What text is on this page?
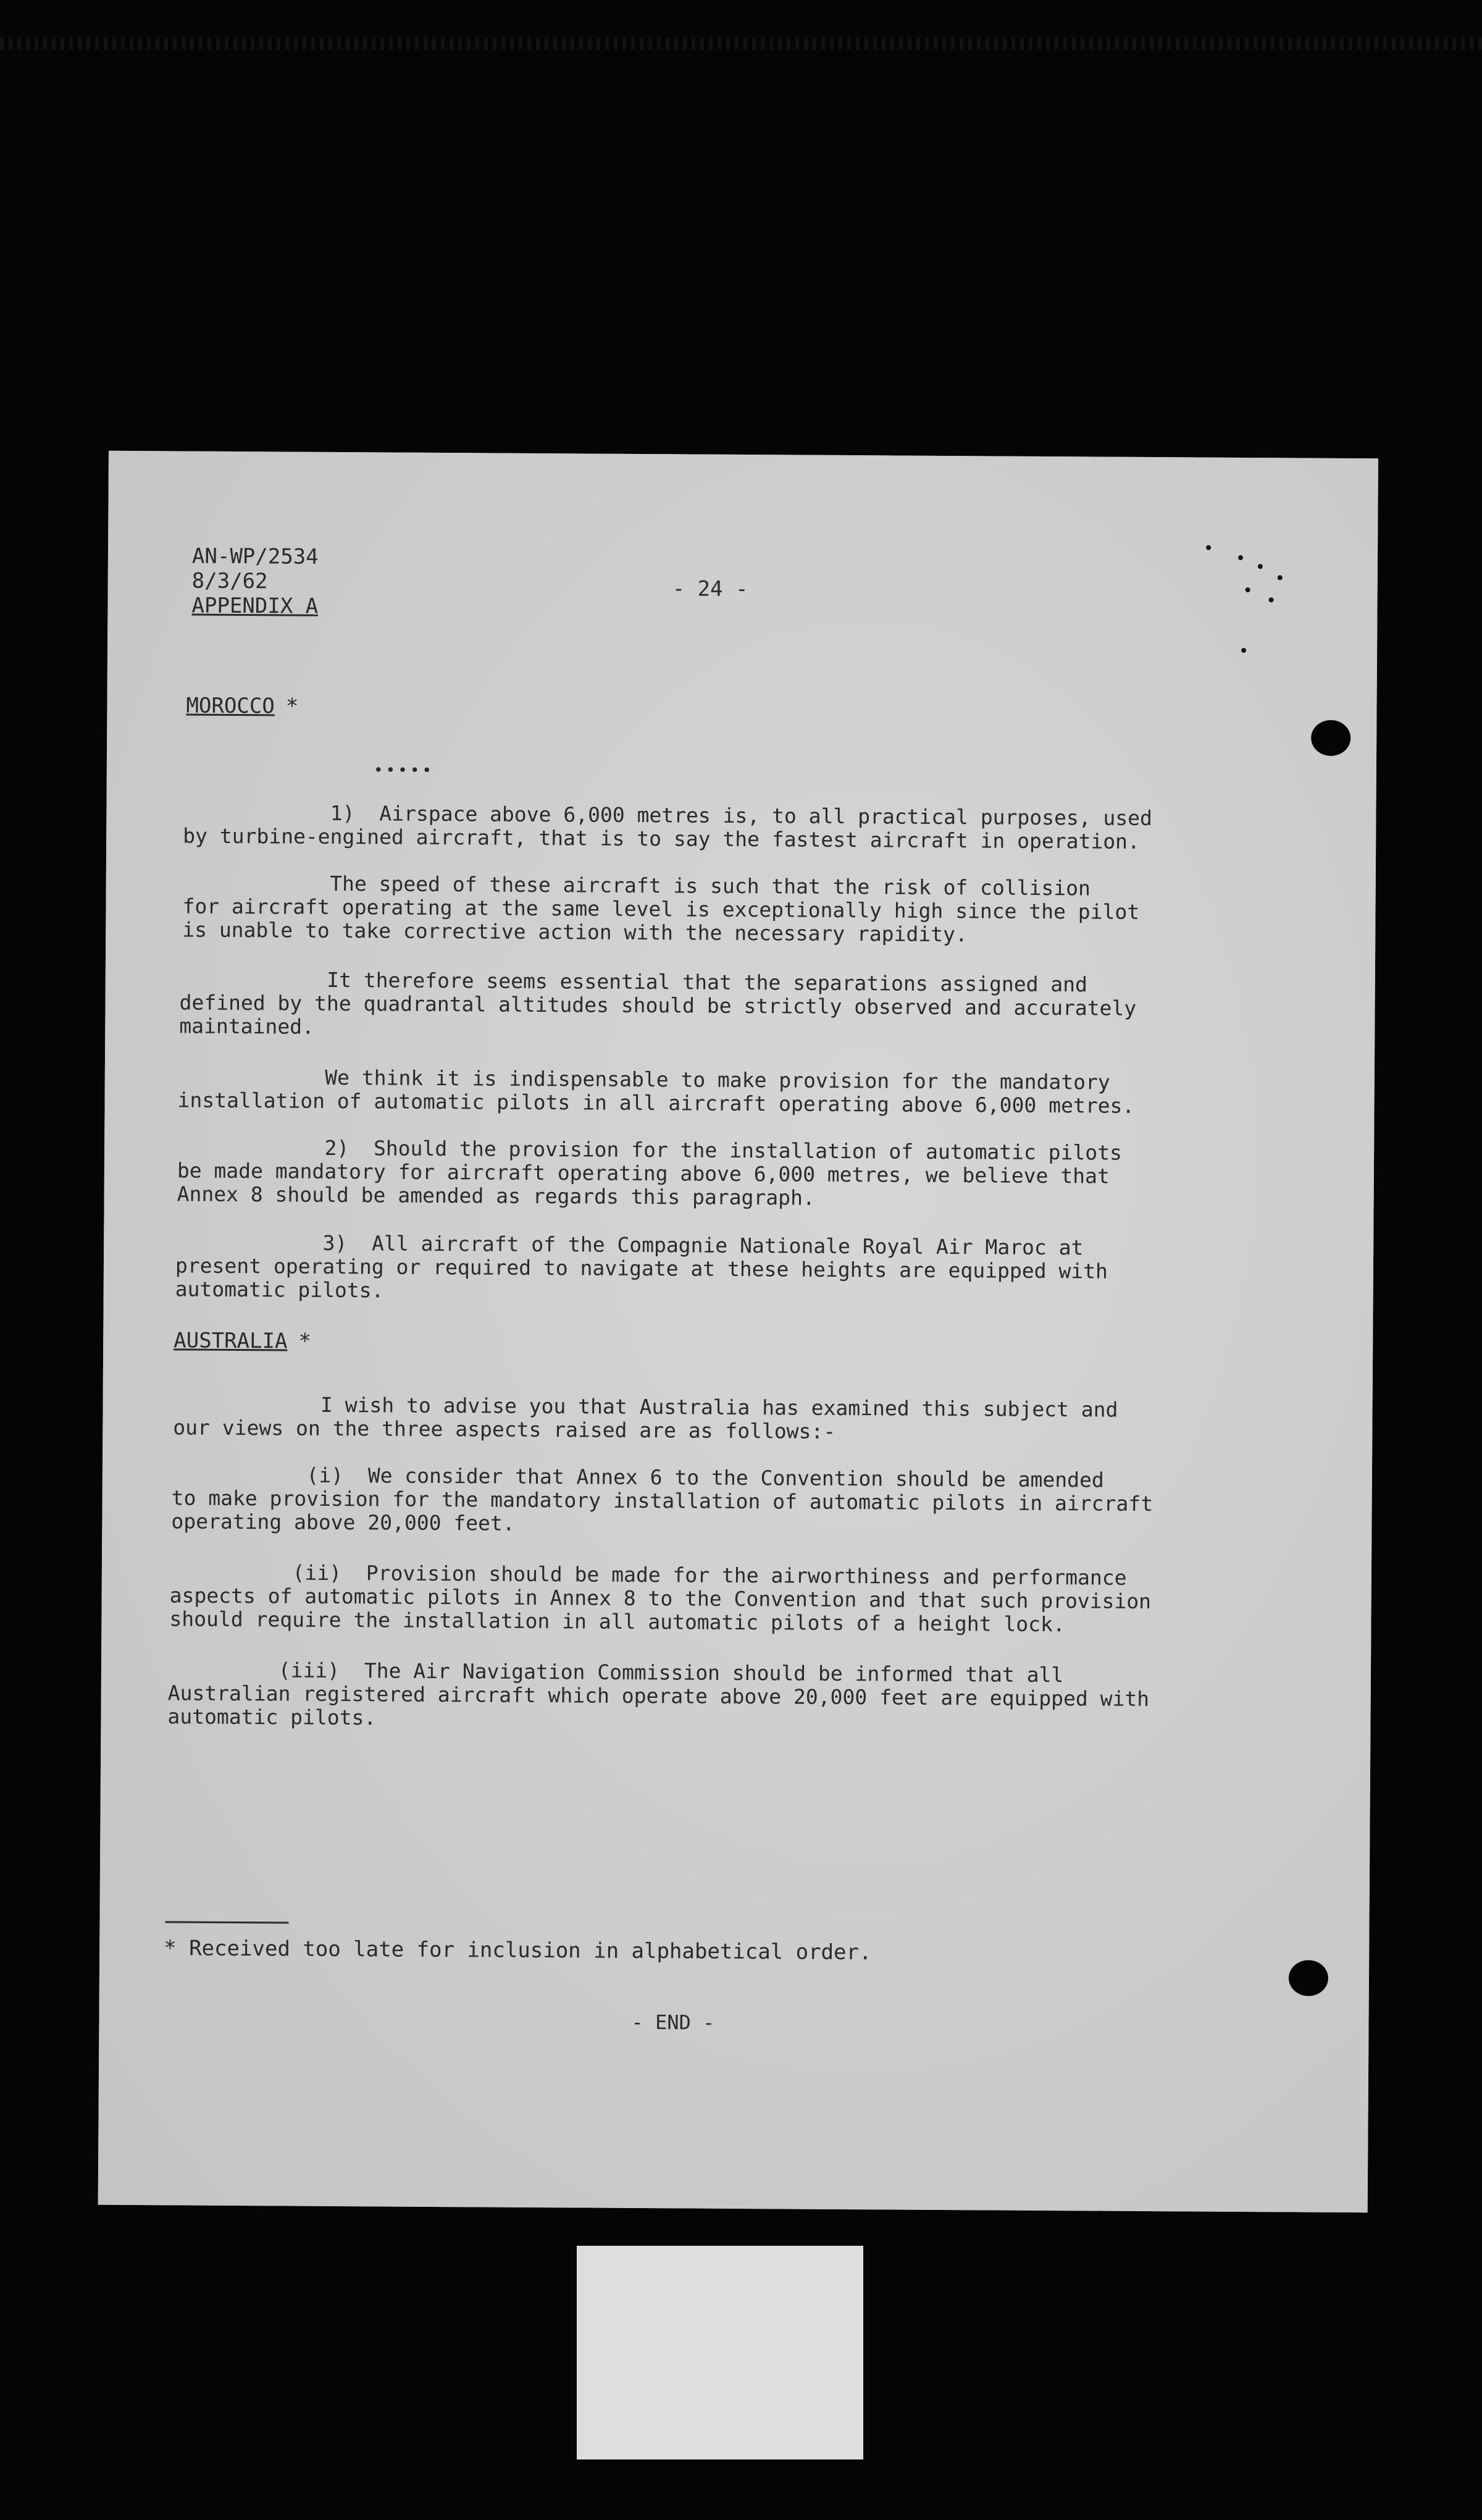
AN-WP/2534
8/3/62
APPENDIX A
- 24 -
MOROCCO *
•••••
1)  Airspace above 6,000 metres is, to all practical purposes, used
by turbine-engined aircraft, that is to say the fastest aircraft in operation.
The speed of these aircraft is such that the risk of collision
for aircraft operating at the same level is exceptionally high since the pilot
is unable to take corrective action with the necessary rapidity.
It therefore seems essential that the separations assigned and
defined by the quadrantal altitudes should be strictly observed and accurately
maintained.
We think it is indispensable to make provision for the mandatory
installation of automatic pilots in all aircraft operating above 6,000 metres.
2)  Should the provision for the installation of automatic pilots
be made mandatory for aircraft operating above 6,000 metres, we believe that
Annex 8 should be amended as regards this paragraph.
3)  All aircraft of the Compagnie Nationale Royal Air Maroc at
present operating or required to navigate at these heights are equipped with
automatic pilots.
AUSTRALIA *
I wish to advise you that Australia has examined this subject and
our views on the three aspects raised are as follows:-
(i)  We consider that Annex 6 to the Convention should be amended
to make provision for the mandatory installation of automatic pilots in aircraft
operating above 20,000 feet.
(ii)  Provision should be made for the airworthiness and performance
aspects of automatic pilots in Annex 8 to the Convention and that such provision
should require the installation in all automatic pilots of a height lock.
(iii)  The Air Navigation Commission should be informed that all
Australian registered aircraft which operate above 20,000 feet are equipped with
automatic pilots.
* Received too late for inclusion in alphabetical order.
- END -
